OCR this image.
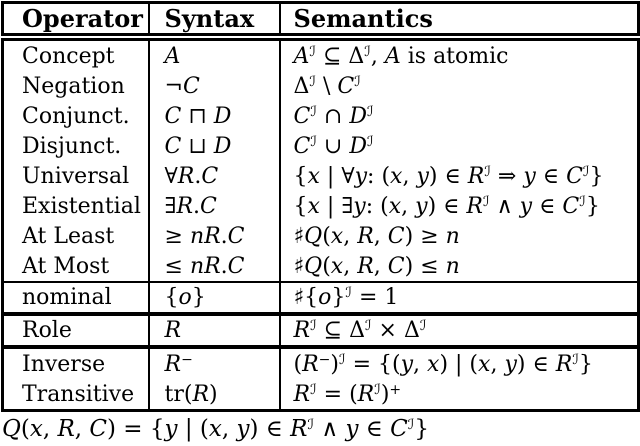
Operator	Syntax	Semantics
Concept	A	$A^ℐ$ ⊆ $\Delta^ℐ$, A is atomic
Negation	¬C	$\Delta^ℐ$ \ $C^ℐ$
Conjunct.	C ⊓ D	$C^ℐ$ ∩ $D^ℐ$
Disjunct.	C ⊔ D	$C^ℐ$ ∪ $D^ℐ$
Universal	∀R.C	{x | ∀y: (x, y) ∈ $R^ℐ$ ⇒ y ∈ $C^ℐ$}
Existential	∃R.C	{x | ∃y: (x, y) ∈ $R^ℐ$ ∧ y ∈ $C^ℐ$}
At Least	≥ nR.C	♯Q(x, R, C) ≥ n
At Most	≤ nR.C	♯Q(x, R, C) ≤ n
nominal	{o}	$♯\{o\}^ℐ = 1$
Role	R	$R^ℐ$ ⊆ $\Delta^ℐ \times \Delta^ℐ$
Inverse	R−	$(R^-)^ℐ = \{(y$, x) | (x, y) ∈ $R^ℐ$}
Transitive	tr(R)	$R^ℐ = (R^ℐ)^+$
Q(x, R, C) = {y | (x, y) ∈ $R^ℐ$ ∧ y ∈ $C^ℐ$}
